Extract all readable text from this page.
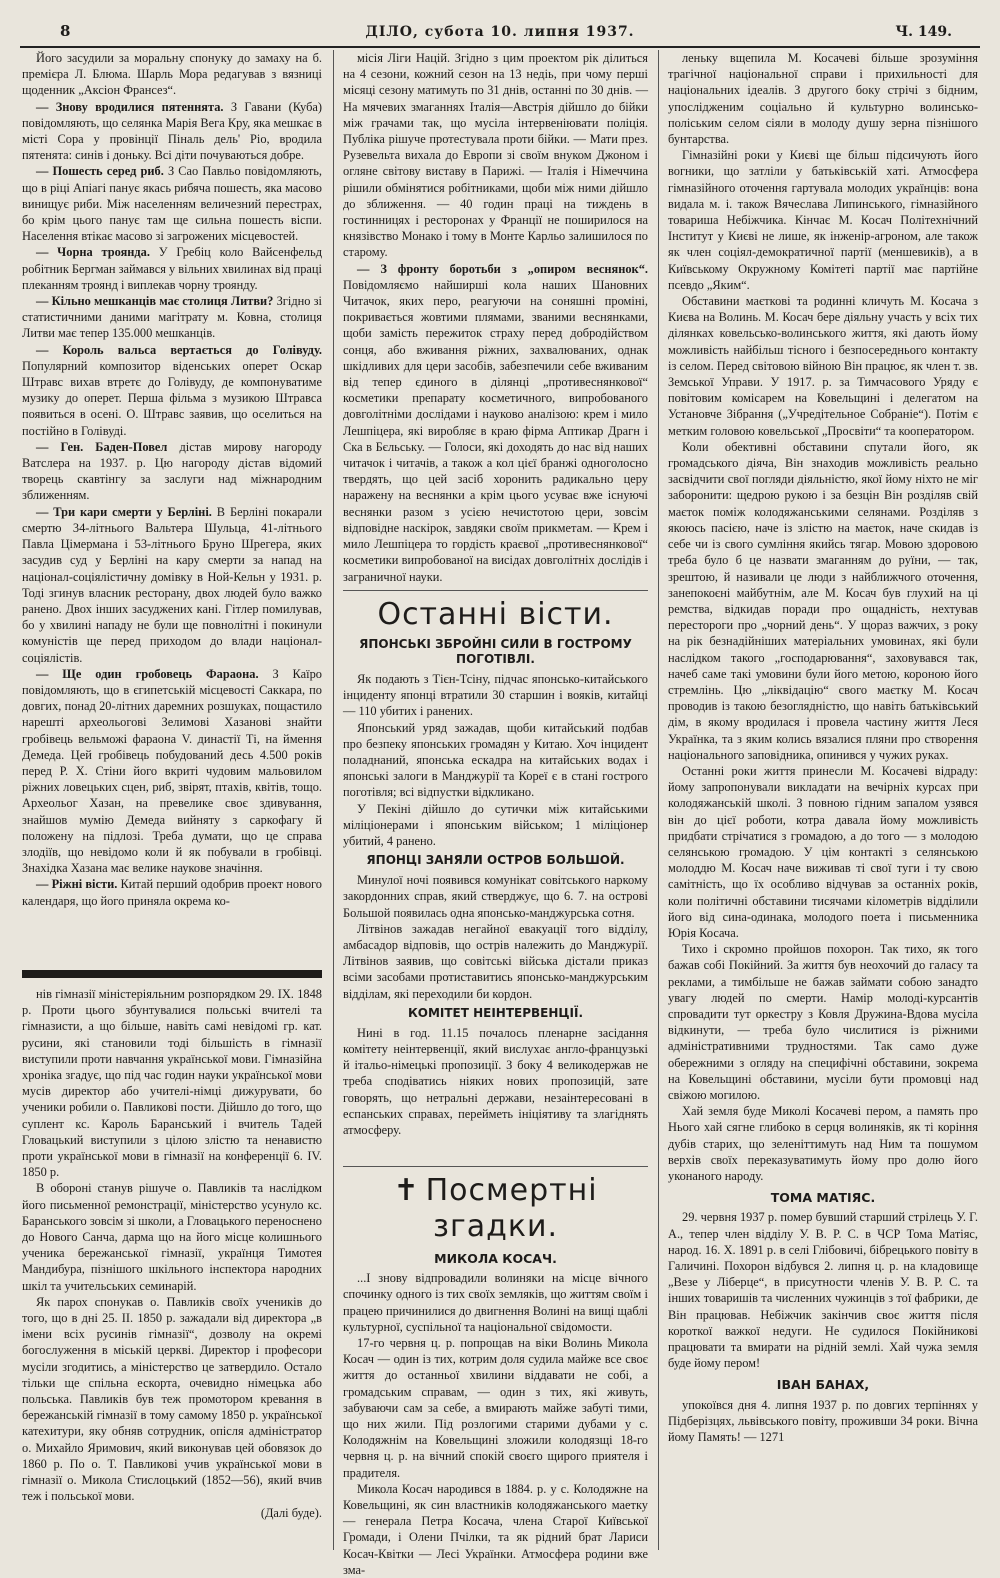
8	ДІЛО, субота 10. липня 1937.	Ч. 149.

Його засудили за моральну спонуку до замаху на б. премієра Л. Блюма. Шарль Мора редагував з вязниці щоденник „Аксіон Франсез“.

— Знову вродилися пятеннята. З Гавани (Куба) повідомляють, що селянка Марія Вега Кру, яка мешкає в місті Сора у провінції Піналь дель' Ріо, вродила пятенята: синів і доньку. Всі діти почуваються добре.

— Пошесть серед риб. З Сао Павльо повідомляють, що в ріці Апіагі панує якась рибяча пошесть, яка масово винищує риби. Між населенням величезний перестрах, бо крім цього панує там ще сильна пошесть віспи. Населення втікає масово зі загрожених місцевостей.

— Чорна троянда. У Гребіц коло Вайсенфельд робітник Бергман займався у вільних хвилинах від праці плеканням троянд і виплекав чорну троянду.

— Кільно мешканців має столиця Литви? Згідно зі статистичними даними магітрату м. Ковна, столиця Литви має тепер 135.000 мешканців.

— Король вальса вертається до Голівуду. Популярний композитор віденських оперет Оскар Штравс вихав втретє до Голівуду, де компонуватиме музику до оперет. Перша фільма з музикою Штравса появиться в осені. О. Штравс заявив, що оселиться на постійно в Голівуді.

— Ген. Баден-Повел дістав мирову нагороду Ватслера на 1937. р. Цю нагороду дістав відомий творець скавтінгу за заслуги над міжнародним зближенням.

— Три кари смерти у Берліні. В Берліні покарали смертю 34-літнього Вальтера Шульца, 41-літнього Павла Цімермана і 53-літнього Бруно Шрегера, яких засудив суд у Берліні на кару смерти за напад на націонал-соціялістичну домівку в Ной-Кельн у 1931. р. Тоді згинув власник ресторану, двох людей було важко ранено. Двох інших засуджених кані. Гітлер помилував, бо у хвилині нападу не були ще повнолітні і покинули комуністів ще перед приходом до влади націонал-соціялістів.

— Ще один гробовець Фараона. З Каїро повідомляють, що в єгипетській місцевості Саккара, по довгих, понад 20-літних даремних розшуках, пощастило нарешті археольогові Зелимові Хазанові знайти гробівець вельможі фараона V. династії Ті, на ймення Демеда. Цей гробівець побудований десь 4.500 років перед Р. Х. Стіни його вкриті чудовим мальовилом ріжних ловецьких сцен, риб, звірят, птахів, квітів, тощо. Археольог Хазан, на превелике своє здивування, знайшов мумію Демеда вийняту з саркофагу й положену на підлозі. Треба думати, що це справа злодіїв, що невідомо коли й як побували в гробівці. Знахідка Хазана має велике наукове значіння.

— Ріжні вісти. Китай перший одобрив проект нового календаря, що його приняла окрема ко-

нів гімназії міністеріяльним розпорядком 29. IX. 1848 р. Проти цього збунтувалися польські вчителі та гімназисти, а що більше, навіть самі невідомі гр. кат. русини, які становили тоді більшість в гімназії виступили проти навчання української мови. Гімназійна хроніка згадує, що під час годин науки української мови мусів директор або учителі-німці дижурувати, бо ученики робили о. Павликові пости. Дійшло до того, що суплент кс. Кароль Баранський і вчитель Тадей Гловацький виступили з цілою злістю та ненавистю проти української мови в гімназії на конференції 6. IV. 1850 р.

В обороні станув рішуче о. Павликів та наслідком його письменної ремонстрації, міністерство усунуло кс. Баранського зовсім зі школи, а Гловацького переноснено до Нового Санча, дарма що на його місце колишнього ученика бережанської гімназії, українця Тимотея Мандибура, пізнішого шкільного інспектора народних шкіл та учительських семинарій.

Як парох спонукав о. Павликів своїх учеників до того, що в днi 25. II. 1850 р. зажадали від директора „в імени всіх русинів гімназії“, дозволу на окремі богослуження в міській церкві. Директор і професори мусіли згодитись, а міністерство це затвердило. Остало тільки ще спільна ескорта, очевидно німецька або польська. Павликів був теж промотором кревання в бережанській гімназії в тому самому 1850 р. української катехитури, яку обняв сотрудник, опісля адміністратор о. Михайло Яримович, який виконував цей обовязок до 1860 р. По о. Т. Павликові учив української мови в гімназії о. Микола Стислоцький (1852—56), який вчив теж і польської мови.

(Далі буде).

місія Ліги Націй. Згідно з цим проектом рік ділиться на 4 сезони, кожний сезон на 13 недіь, при чому перші місяці сезону матимуть по 31 днів, останні по 30 днів. — На мячевих змаганнях Італія—Австрія дійшло до бійки між грачами так, що мусіла інтервеніювати поліція. Публіка рішуче протестувала проти бійки. — Мати през. Рузевельта вихала до Европи зі своїм внуком Джоном і огляне світову виставу в Парижі. — Італія і Німеччина рішили обмінятися робітниками, щоби між ними дійшло до зближення. — 40 годин праці на тиждень в гостинницях і ресторонах у Франції не поширилося на князівство Монако і тому в Монте Карльо залишилося по старому.

— З фронту боротьби з „опиром веснянок“. Повідомляємо найширші кола наших Шановних Читачок, яких перо, реагуючи на соняшні проміні, покривається жовтими плямами, званими веснянками, щоби замість пережиток страху перед добродійством сонця, або вживання ріжних, захвалюваних, однак шкідливих для цери засобів, забезпечили себе вживаним від тепер єдиного в ділянці „противеснянкової“ косметики препарату косметичного, випробованого довголітніми дослідами і науково аналізою: крем і мило Лешпіцера, які виробляє в краю фірма Аптикар Драгн і Ска в Бєльську. — Голоси, які доходять до нас від наших читачок і читачів, а також а кол цієї бранжі одноголосно твердять, що цей засіб хоронить радикально церу наражену на веснянки а крім цього усуває вже існуючі веснянки разом з усією нечистотою цери, зовсім відповідне наскірок, завдяки своїм прикметам. — Крем і мило Лешпіцера то гордість краєвої „противеснянкової“ косметики випробованої на висідах довголітніх дослідів і заграничної науки.

Останні вісти.
ЯПОНСЬКІ ЗБРОЙНІ СИЛИ В ГОСТРОМУ ПОГОТІВЛІ.

Як подають з Тієн-Тсіну, підчас японсько-китайського інциденту японці втратили 30 старшин і вояків, китайці — 110 убитих і ранених.

Японський уряд зажадав, щоби китайський подбав про безпеку японських громадян у Китаю. Хоч інцидент поладнаний, японська ескадра на китайських водах і японські залоги в Манджурії та Кореї є в стані гострого поготівля; всі відпустки відкликано.

У Пекіні дійшло до сутички між китайськими міліціонерами і японським військом; 1 міліціонер убитий, 4 ранено.

ЯПОНЦІ ЗАНЯЛИ ОСТРОВ БОЛЬШОЙ.

Минулої ночі появився комунікат совітського наркому закордонних справ, який стверджує, що 6. 7. на острові Большой появилась одна японсько-манджурська сотня.

Літвінов зажадав негайної евакуації того відділу, амбасадор відповів, що острів належить до Манджурії. Літвінов заявив, що совітські війська дістали приказ всіми засобами протиставитись японсько-манджурським відділам, які переходили би кордон.

КОМІТЕТ НЕІНТЕРВЕНЦІЇ.

Нині в год. 11.15 почалось пленарне засідання комітету неінтервенції, який вислухає англо-французькі й італьо-німецькі пропозиції. З боку 4 великодержав не треба сподіватись ніяких нових пропозицій, зате говорять, що нетральні держави, незаінтересовані в еспанських справах, перейметь ініціятиву та злагіднять атмосферу.

✝ Посмертні згадки.
МИКОЛА КОСАЧ.

...І знову відпровадили волиняки на місце вічного спочинку одного із тих своїх земляків, що життям своїм і працею причинилися до двигнення Волині на вищі щаблі культурної, суспільної та національної свідомости.

17-го червня ц. р. попрощав на віки Волинь Микола Косач — один із тих, котрим доля судила майже все своє життя до останньої хвилини віддавати не собі, а громадським справам, — один з тих, які живуть, забуваючи сам за себе, а вмирають майже забуті тими, що них жили. Під розлогими старими дубами у с. Колодяжнім на Ковельщині зложили колодязщі 18-го червня ц. р. на вічний спокій своєго щирого приятеля і прадителя.

Микола Косач народився в 1884. р. у с. Колодяжне на Ковельщині, як син властників колодяжанського маетку — генерала Петра Косача, члена Старої Київської Громади, і Олени Пчілки, та як рідний брат Лариси Косач-Квітки — Лесі Українки. Атмосфера родини вже зма-

леньку вщепила М. Косачеві більше зрозуміння трагічної національної справи і прихильності для національних ідеалів. З другого боку стрічі з бідним, упослідженим соціально й культурно волинсько-поліським селом сіяли в молоду душу зерна пізнішого бунтарства.

Гімназійні роки у Києві ще більш підсичують його вогники, що затліли у батьківській хаті. Атмосфера гімназійного оточення гартувала молодих українців: вона видала м. і. також Вячеслава Липинського, гімназійного товариша Небіжчика. Кінчає М. Косач Політехнічний Інститут у Києві не лише, як інженір-агроном, але також як член соціял-демократичної партії (меншевиків), а в Київському Окружному Комітеті партії має партійне псевдо „Яким“.

Обставини маєткові та родинні кличуть М. Косача з Києва на Волинь. М. Косач бере діяльну участь у всіх тих ділянках ковельсько-волинського життя, які дають йому можливість найбільш тісного і безпосереднього контакту із селом. Перед світовою війною Він працює, як член т. зв. Земської Управи. У 1917. р. за Тимчасового Уряду є повітовим комісарем на Ковельщині і делегатом на Установче Зібрання („Учредітельное Собраніе“). Потім є метким головою ковельської „Просвіти“ та кооператором.

Коли обективні обставини спутали його, як громадського діяча, Він знаходив можливість реально засвідчити свої погляди діяльністю, якої йому ніхто не міг заборонити: щедрою рукою і за безцін Він розділяв свій маєток поміж колодяжанськими селянами. Розділяв з якоюсь пасією, наче із злістю на маєток, наче скидав із себе чи із свого сумління якийсь тягар. Мовою здоровою треба було б це назвати змаганням до руїни, — так, зрештою, й називали це люди з найближчого оточення, занепокоєні майбутнім, але М. Косач був глухий на ці ремства, відкидав поради про ощадність, нехтував перестороги про „чорний день“. У щораз важчих, з року на рік безнадійніших матеріальних умовинах, які були наслідком такого „господарювання“, заховувався так, начеб саме такі умовини були його метою, короною його стремлінь. Цю „ліквідацію“ свого маєтку М. Косач проводив із такою безоглядністю, що навіть батьківський дім, в якому вродилася і провела частину життя Леся Українка, та з яким колись вязалися пляни про створення національного заповідника, опинився у чужих руках.

Останні роки життя принесли М. Косачеві відраду: йому запропонували викладати на вечірніх курсах при колодяжанській школі. З повною гідним запалом узявся він до цієї роботи, котра давала йому можливість придбати стрічатися з громадою, а до того — з молодою селянською громадою. У цім контакті з селянською молоддю М. Косач наче виживав ті свої туги і ту свою самітність, що їх особливо відчував за останніх років, коли політичні обставини тисячами кілометрів відділили його від сина-одинака, молодого поета і письменника Юрія Косача.

Тихо і скромно пройшов похорон. Так тихо, як того бажав собі Покійний. За життя був неохочий до галасу та реклами, а тимбільше не бажав займати собою занадто увагу людей по смерти. Намір молоді-курсантів спровадити тут оркестру з Ковля Дружина-Вдова мусіла відкинути, — треба було числитися із ріжними адміністративними трудностями. Так само дуже обережними з огляду на специфічні обставини, зокрема на Ковельщині обставини, мусіли бути промовці над свіжою могилою.

Хай земля буде Миколі Косачеві пером, а память про Нього хай сягне глибоко в серця волиняків, як ті коріння дубів старих, що зеленіттимуть над Ним та пошумом верхів своїх переказуватимуть йому про долю його уконаного народу.

ТОМА МАТІЯС.

29. червня 1937 р. помер бувший старший стрілець У. Г. А., тепер член відділу У. В. Р. С. в ЧСР Тома Матіяс, народ. 16. Х. 1891 р. в селі Глібовичі, бібрецького повіту в Галичині. Похорон відбувся 2. липня ц. р. на кладовище „Везе у Ліберце“, в присутности членів У. В. Р. С. та інших товаришів та численних чужинців з тої фабрики, де Він працював. Небіжчик закінчив своє життя після короткої важкої недуги. Не судилося Покійникові працювати та вмирати на рідній землі. Хай чужа земля буде йому пером!

ІВАН БАНАХ,

упокоївся дня 4. липня 1937 р. по довгих терпіннях у Підберізцях, львівського повіту, проживши 34 роки. Вічна йому Память! — 1271
